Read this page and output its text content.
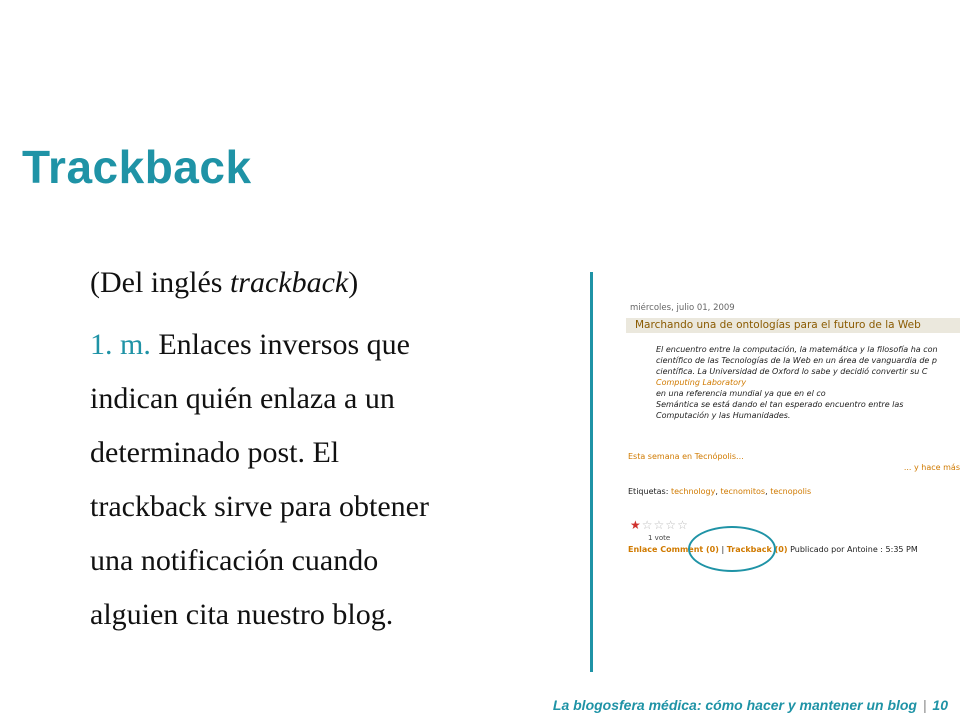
Trackback
(Del inglés trackback)
1. m. Enlaces inversos que
indican quién enlaza a un
determinado post. El
trackback sirve para obtener
una notificación cuando
alguien cita nuestro blog.
miércoles, julio 01, 2009
Marchando una de ontologías para el futuro de la Web
El encuentro entre la computación, la matemática y la filosofía ha con
científico de las Tecnologías de la Web en un área de vanguardia de p
científica. La Universidad de Oxford lo sabe y decidió convertir su C
Computing Laboratory
en una referencia mundial ya que en el co
Semántica se está dando el tan esperado encuentro entre las
Computación y las Humanidades.
Esta semana en Tecnópolis...
... y hace más
Etiquetas: technology, tecnomitos, tecnopolis
★ ☆ ☆ ☆ ☆
1 vote
Enlace Comment (0) | Trackback (0) Publicado por Antoine : 5:35 PM
La blogosfera médica: cómo hacer y mantener un blog | 10
